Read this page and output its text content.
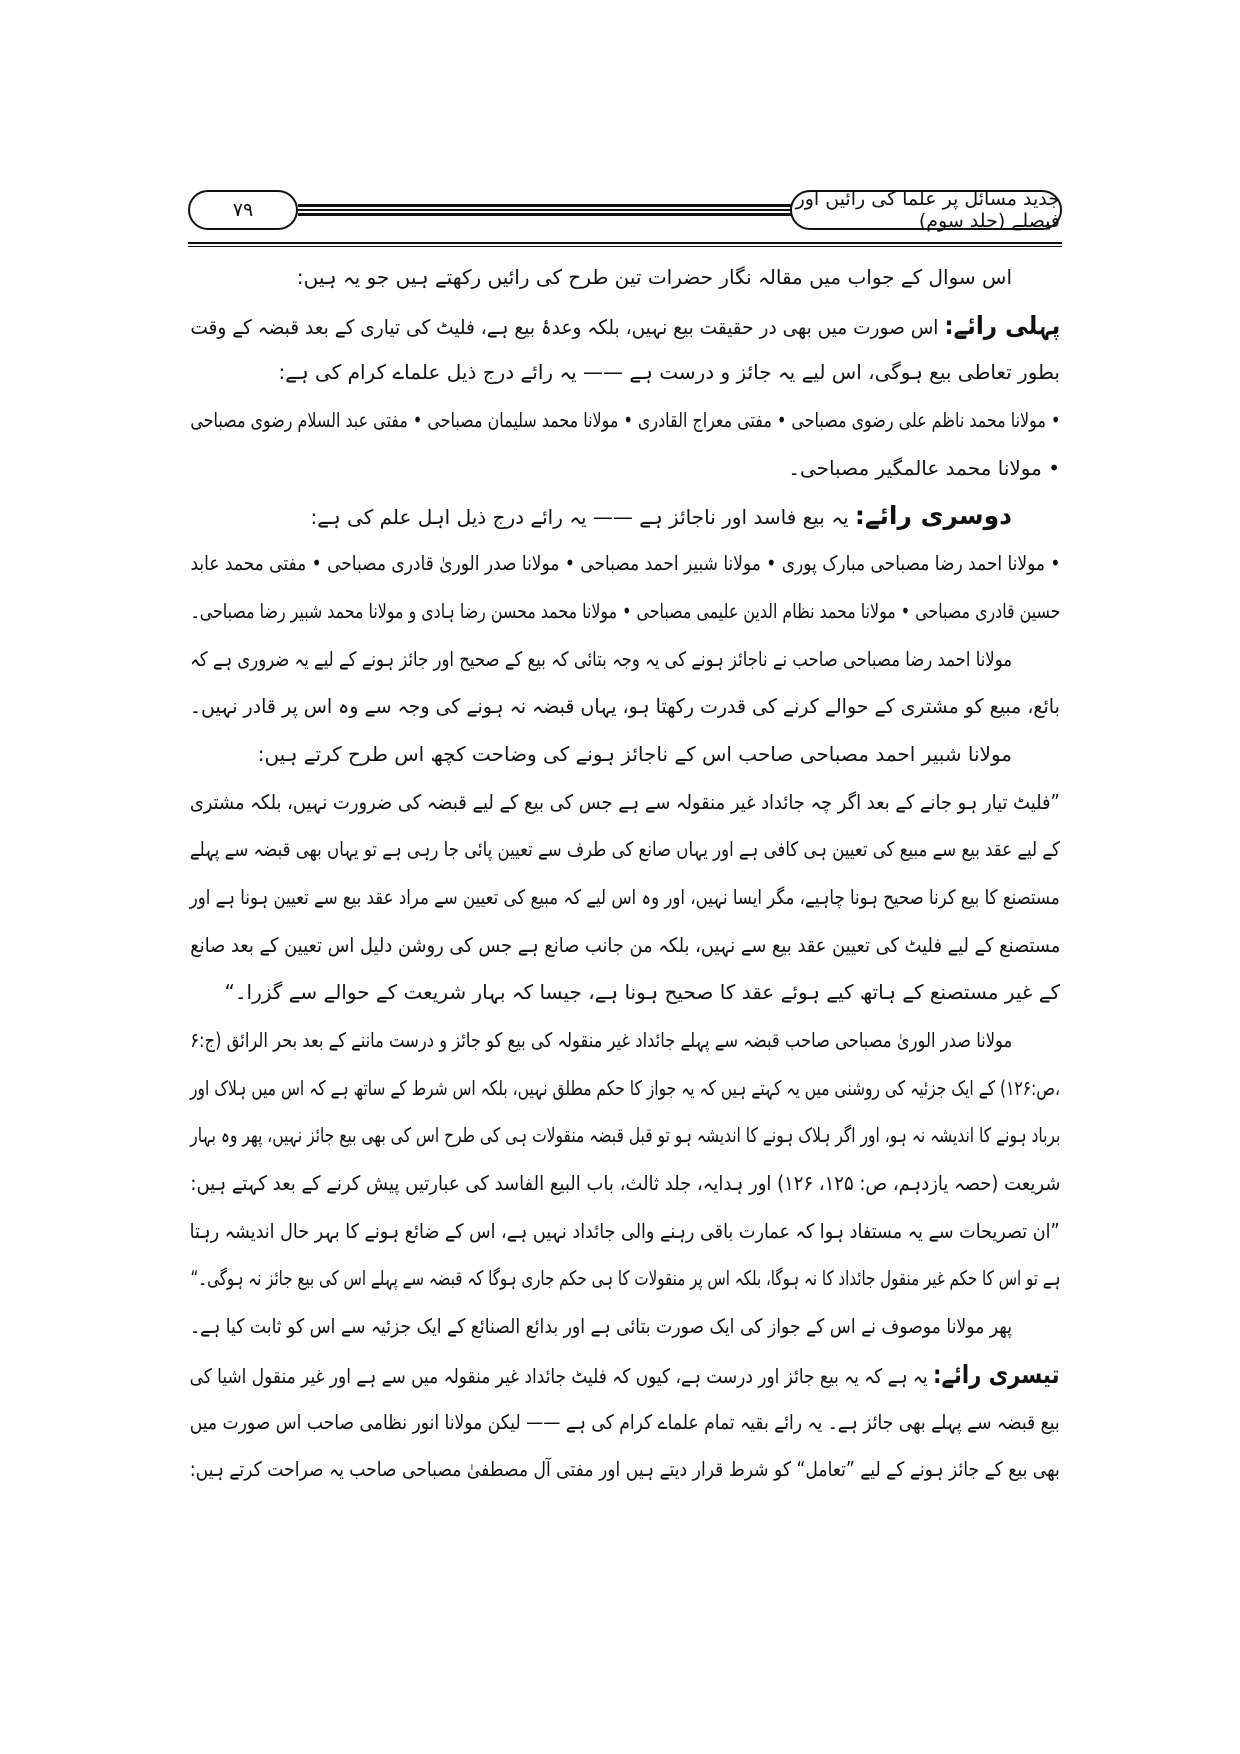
۷۹	جدید مسائل پر علما کی رائیں اور فیصلے (جلد سوم)
اس سوال کے جواب میں مقالہ نگار حضرات تین طرح کی رائیں رکھتے ہیں جو یہ ہیں:
پہلی رائے: اس صورت میں بھی در حقیقت بیع نہیں، بلکہ وعدۂ بیع ہے، فلیٹ کی تیاری کے بعد قبضہ کے وقت
بطور تعاطی بیع ہوگی، اس لیے یہ جائز و درست ہے —— یہ رائے درج ذیل علماے کرام کی ہے:
• مولانا محمد ناظم علی رضوی مصباحی • مفتی معراج القادری • مولانا محمد سلیمان مصباحی • مفتی عبد السلام رضوی مصباحی
• مولانا محمد عالمگیر مصباحی۔
دوسری رائے: یہ بیع فاسد اور ناجائز ہے —— یہ رائے درج ذیل اہل علم کی ہے:
• مولانا احمد رضا مصباحی مبارک پوری • مولانا شبیر احمد مصباحی • مولانا صدر الوریٰ قادری مصباحی • مفتی محمد عابد
حسین قادری مصباحی • مولانا محمد نظام الدین علیمی مصباحی • مولانا محمد محسن رضا ہادی و مولانا محمد شبیر رضا مصباحی۔
مولانا احمد رضا مصباحی صاحب نے ناجائز ہونے کی یہ وجہ بتائی کہ بیع کے صحیح اور جائز ہونے کے لیے یہ ضروری ہے کہ
بائع، مبیع کو مشتری کے حوالے کرنے کی قدرت رکھتا ہو، یہاں قبضہ نہ ہونے کی وجہ سے وہ اس پر قادر نہیں۔
مولانا شبیر احمد مصباحی صاحب اس کے ناجائز ہونے کی وضاحت کچھ اس طرح کرتے ہیں:
”فلیٹ تیار ہو جانے کے بعد اگر چہ جائداد غیر منقولہ سے ہے جس کی بیع کے لیے قبضہ کی ضرورت نہیں، بلکہ مشتری
کے لیے عقد بیع سے مبیع کی تعیین ہی کافی ہے اور یہاں صانع کی طرف سے تعیین پائی جا رہی ہے تو یہاں بھی قبضہ سے پہلے
مستصنع کا بیع کرنا صحیح ہونا چاہیے، مگر ایسا نہیں، اور وہ اس لیے کہ مبیع کی تعیین سے مراد عقد بیع سے تعیین ہونا ہے اور
مستصنع کے لیے فلیٹ کی تعیین عقد بیع سے نہیں، بلکہ من جانب صانع ہے جس کی روشن دلیل اس تعیین کے بعد صانع
کے غیر مستصنع کے ہاتھ کیے ہوئے عقد کا صحیح ہونا ہے، جیسا کہ بہار شریعت کے حوالے سے گزرا۔“
مولانا صدر الوریٰ مصباحی صاحب قبضہ سے پہلے جائداد غیر منقولہ کی بیع کو جائز و درست ماننے کے بعد بحر الرائق (ج:۶
،ص:۱۲۶) کے ایک جزئیہ کی روشنی میں یہ کہتے ہیں کہ یہ جواز کا حکم مطلق نہیں، بلکہ اس شرط کے ساتھ ہے کہ اس میں ہلاک اور
برباد ہونے کا اندیشہ نہ ہو، اور اگر ہلاک ہونے کا اندیشہ ہو تو قبل قبضہ منقولات ہی کی طرح اس کی بھی بیع جائز نہیں، پھر وہ بہار
شریعت (حصہ یازدہم، ص: ۱۲۵، ۱۲۶) اور ہدایہ، جلد ثالث، باب البیع الفاسد کی عبارتیں پیش کرنے کے بعد کہتے ہیں:
”ان تصریحات سے یہ مستفاد ہوا کہ عمارت باقی رہنے والی جائداد نہیں ہے، اس کے ضائع ہونے کا بہر حال اندیشہ رہتا
ہے تو اس کا حکم غیر منقول جائداد کا نہ ہوگا، بلکہ اس پر منقولات کا ہی حکم جاری ہوگا کہ قبضہ سے پہلے اس کی بیع جائز نہ ہوگی۔“
پھر مولانا موصوف نے اس کے جواز کی ایک صورت بتائی ہے اور بدائع الصنائع کے ایک جزئیہ سے اس کو ثابت کیا ہے۔
تیسری رائے: یہ ہے کہ یہ بیع جائز اور درست ہے، کیوں کہ فلیٹ جائداد غیر منقولہ میں سے ہے اور غیر منقول اشیا کی
بیع قبضہ سے پہلے بھی جائز ہے۔ یہ رائے بقیہ تمام علماے کرام کی ہے —— لیکن مولانا انور نظامی صاحب اس صورت میں
بھی بیع کے جائز ہونے کے لیے ”تعامل“ کو شرط قرار دیتے ہیں اور مفتی آل مصطفیٰ مصباحی صاحب یہ صراحت کرتے ہیں:
